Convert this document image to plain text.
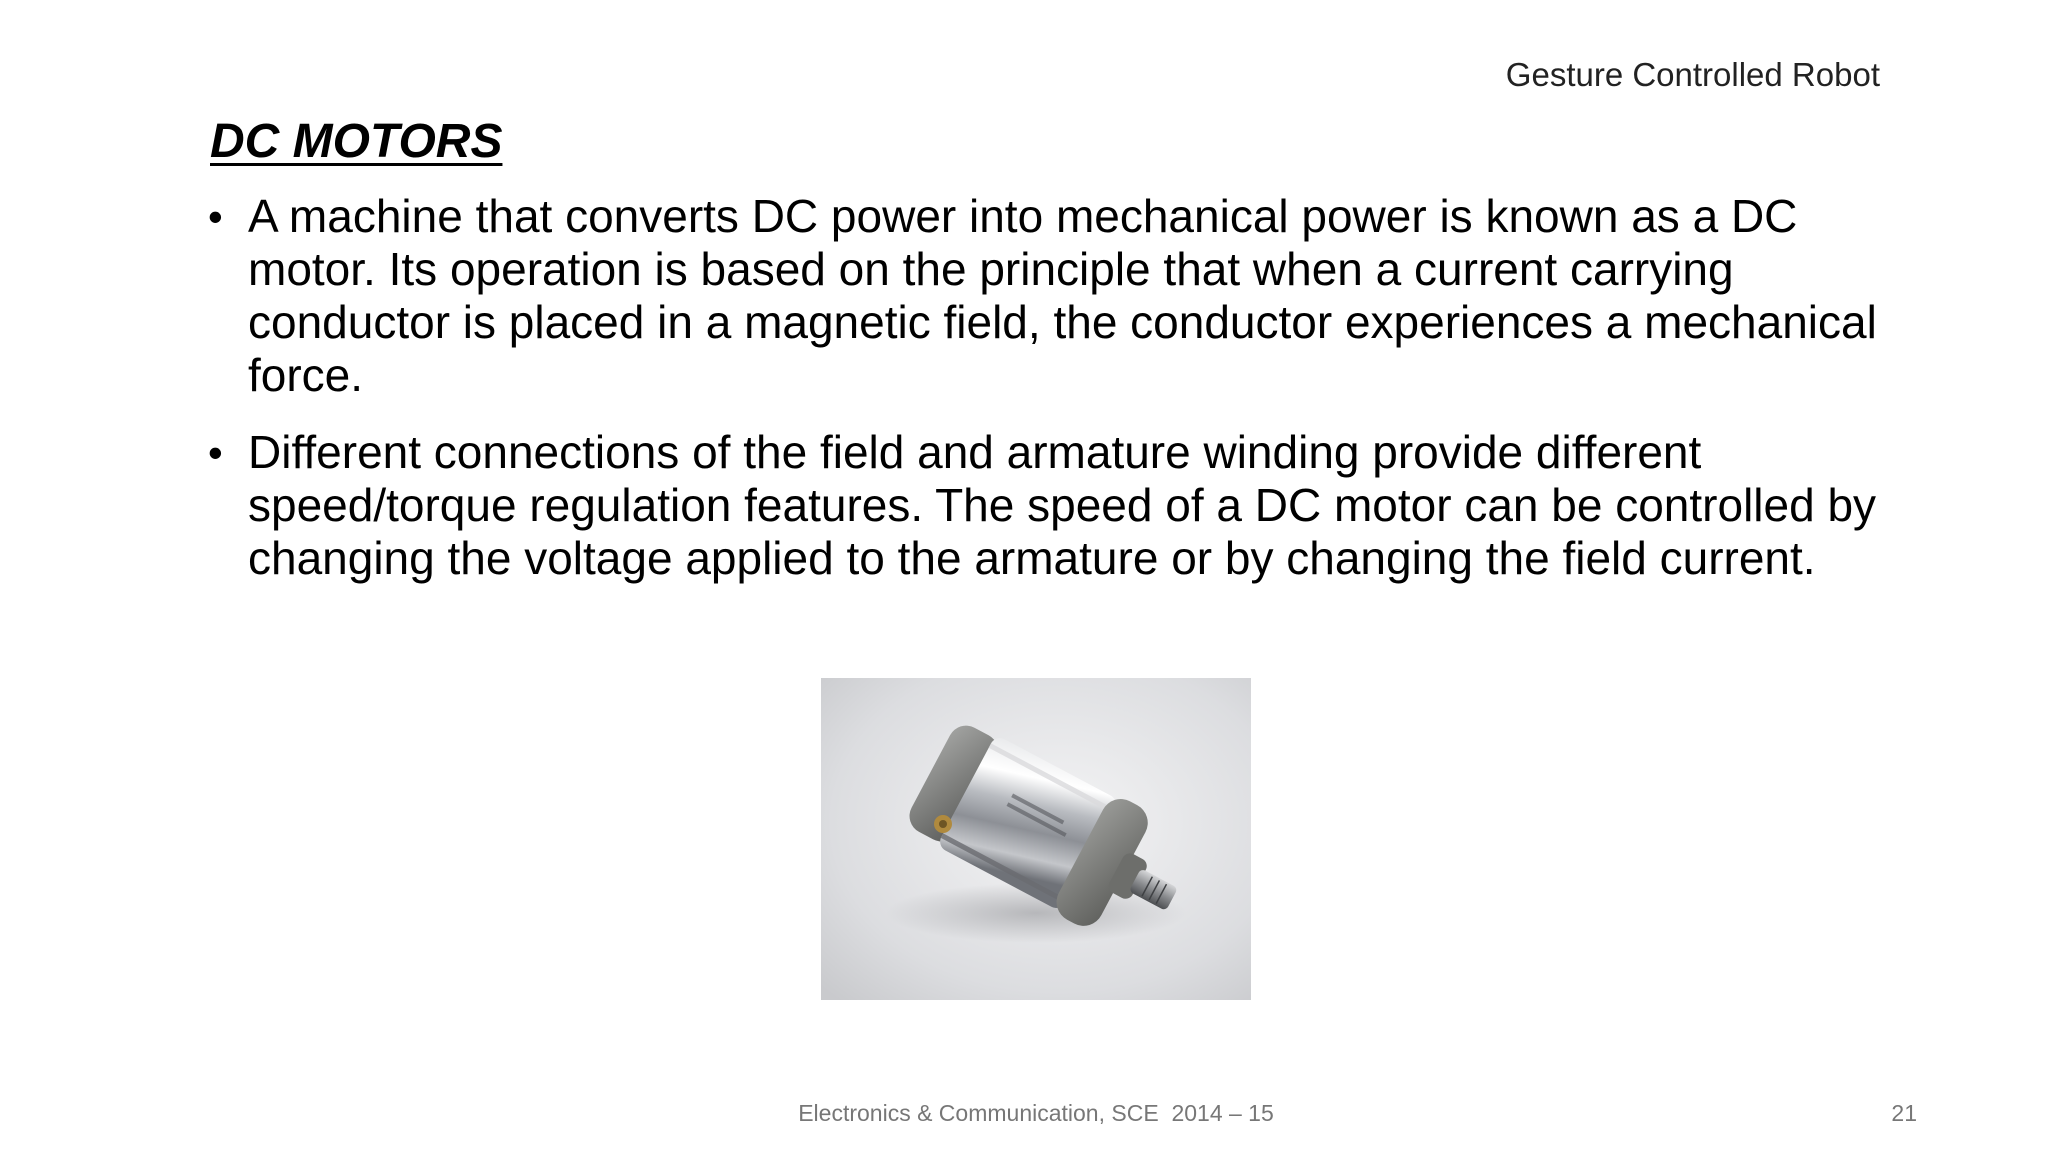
Gesture Controlled Robot
DC MOTORS
• A machine that converts DC power into mechanical power is known as a DC motor. Its operation is based on the principle that when a current carrying conductor is placed in a magnetic field, the conductor experiences a mechanical force.
• Different connections of the field and armature winding provide different speed/torque regulation features. The speed of a DC motor can be controlled by changing the voltage applied to the armature or by changing the field current.
Electronics & Communication, SCE  2014 – 15	21
